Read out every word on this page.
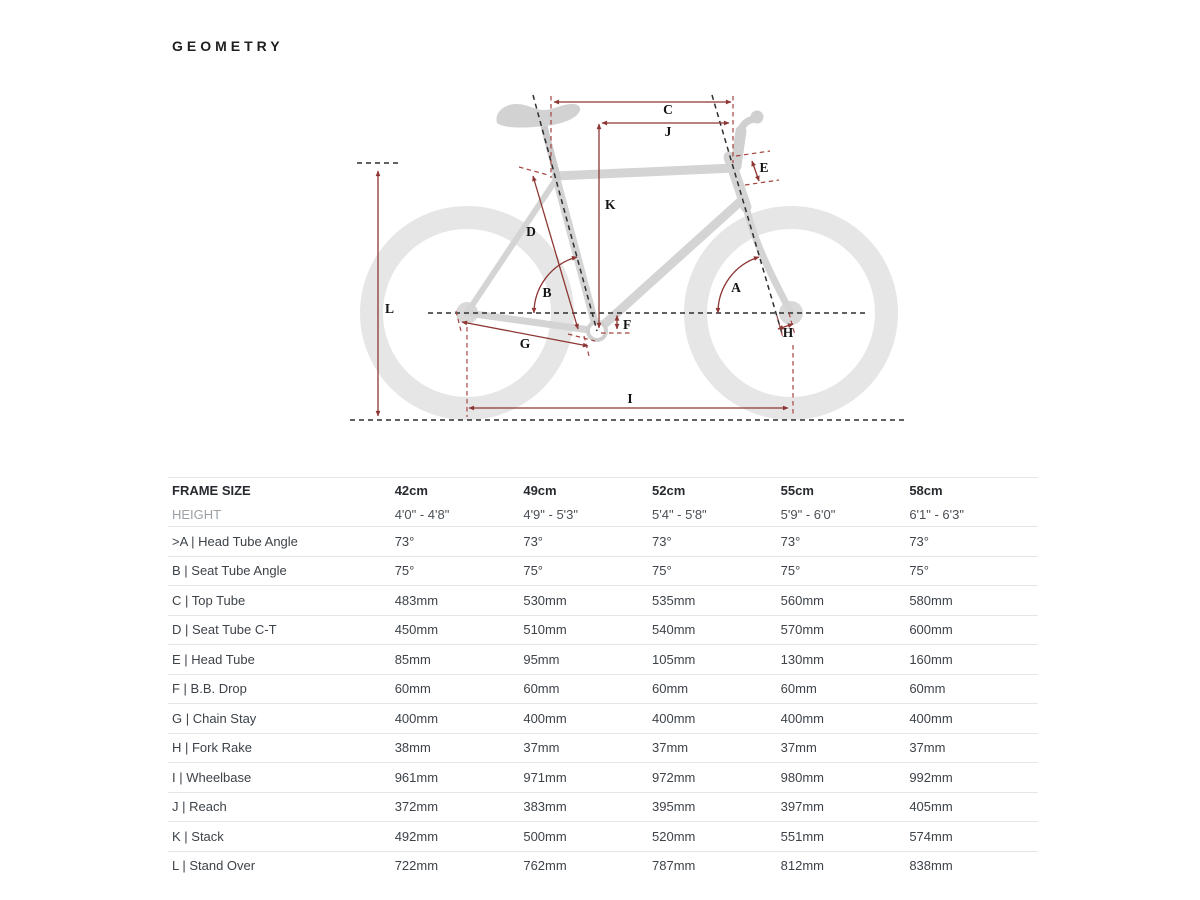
GEOMETRY
C
J
K
D
E
B	A
F
G
H
I
L
FRAME SIZE	42cm	49cm	52cm	55cm	58cm
HEIGHT	4'0" - 4'8"	4'9" - 5'3"	5'4" - 5'8"	5'9" - 6'0"	6'1" - 6'3"
>A | Head Tube Angle	73°	73°	73°	73°	73°
B | Seat Tube Angle	75°	75°	75°	75°	75°
C | Top Tube	483mm	530mm	535mm	560mm	580mm
D | Seat Tube C-T	450mm	510mm	540mm	570mm	600mm
E | Head Tube	85mm	95mm	105mm	130mm	160mm
F | B.B. Drop	60mm	60mm	60mm	60mm	60mm
G | Chain Stay	400mm	400mm	400mm	400mm	400mm
H | Fork Rake	38mm	37mm	37mm	37mm	37mm
I | Wheelbase	961mm	971mm	972mm	980mm	992mm
J | Reach	372mm	383mm	395mm	397mm	405mm
K | Stack	492mm	500mm	520mm	551mm	574mm
L | Stand Over	722mm	762mm	787mm	812mm	838mm
